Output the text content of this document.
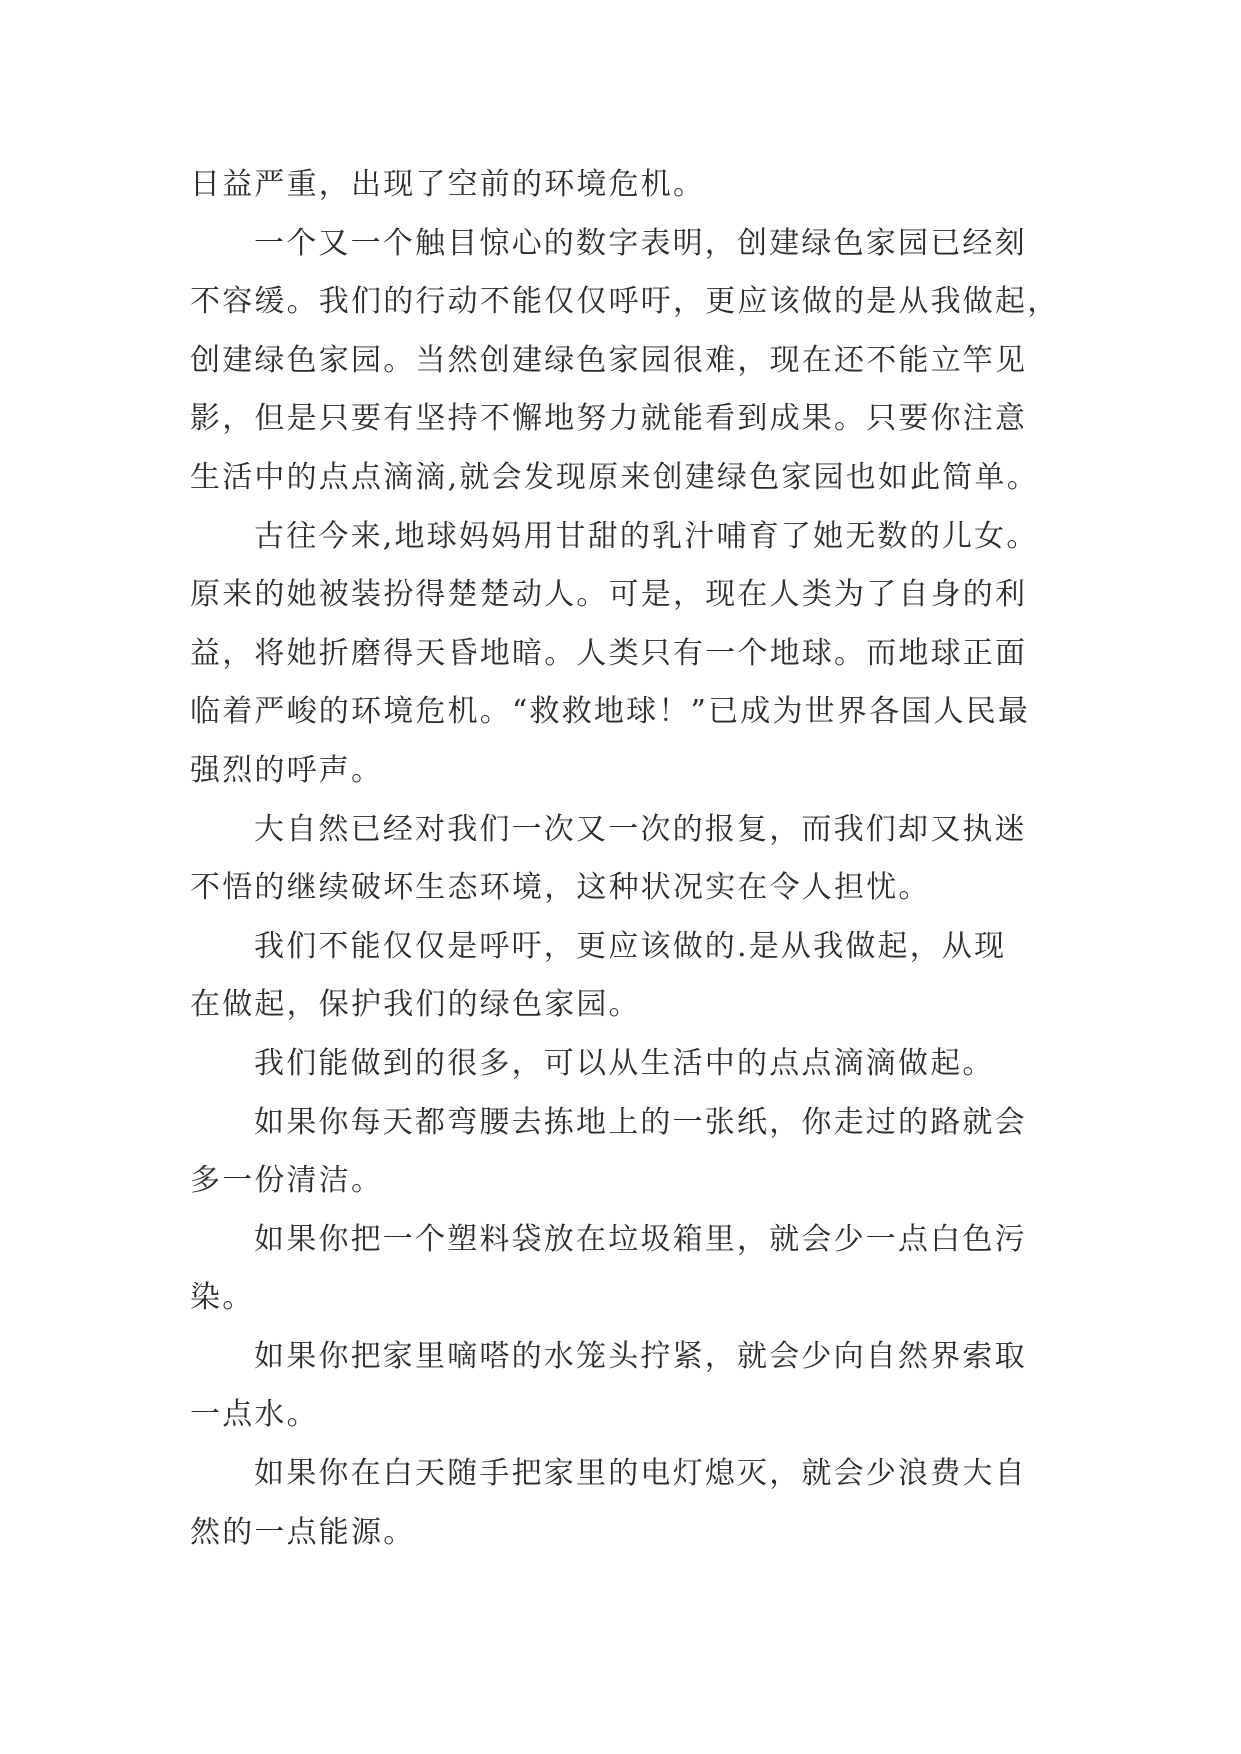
日益严重，出现了空前的环境危机。
一个又一个触目惊心的数字表明，创建绿色家园已经刻
不容缓。我们的行动不能仅仅呼吁，更应该做的是从我做起，
创建绿色家园。当然创建绿色家园很难，现在还不能立竿见
影，但是只要有坚持不懈地努力就能看到成果。只要你注意
生活中的点点滴滴,就会发现原来创建绿色家园也如此简单。
古往今来,地球妈妈用甘甜的乳汁哺育了她无数的儿女。
原来的她被装扮得楚楚动人。可是，现在人类为了自身的利
益，将她折磨得天昏地暗。人类只有一个地球。而地球正面
临着严峻的环境危机。“救救地球！”已成为世界各国人民最
强烈的呼声。
大自然已经对我们一次又一次的报复，而我们却又执迷
不悟的继续破坏生态环境，这种状况实在令人担忧。
我们不能仅仅是呼吁，更应该做的.是从我做起，从现
在做起，保护我们的绿色家园。
我们能做到的很多，可以从生活中的点点滴滴做起。
如果你每天都弯腰去拣地上的一张纸，你走过的路就会
多一份清洁。
如果你把一个塑料袋放在垃圾箱里，就会少一点白色污
染。
如果你把家里嘀嗒的水笼头拧紧，就会少向自然界索取
一点水。
如果你在白天随手把家里的电灯熄灭，就会少浪费大自
然的一点能源。
